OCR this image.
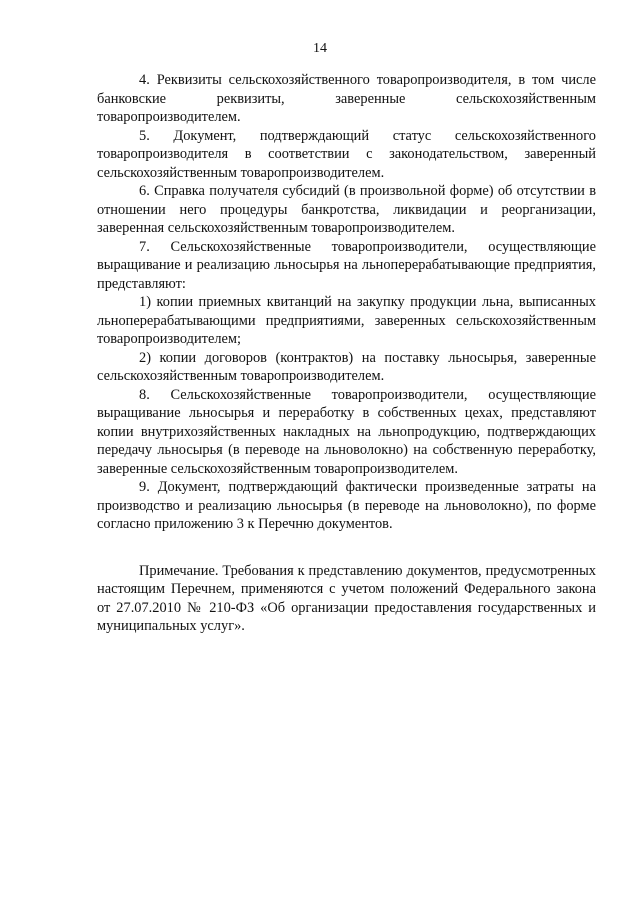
14

4. Реквизиты сельскохозяйственного товаропроизводителя, в том числе банковские реквизиты, заверенные сельскохозяйственным товаропроизводителем.

5. Документ, подтверждающий статус сельскохозяйственного товаропроизводителя в соответствии с законодательством, заверенный сельскохозяйственным товаропроизводителем.

6. Справка получателя субсидий (в произвольной форме) об отсутствии в отношении него процедуры банкротства, ликвидации и реорганизации, заверенная сельскохозяйственным товаропроизводителем.

7. Сельскохозяйственные товаропроизводители, осуществляющие выращивание и реализацию льносырья на льноперерабатывающие предприятия, представляют:

1) копии приемных квитанций на закупку продукции льна, выписанных льноперерабатывающими предприятиями, заверенных сельскохозяйственным товаропроизводителем;

2) копии договоров (контрактов) на поставку льносырья, заверенные сельскохозяйственным товаропроизводителем.

8. Сельскохозяйственные товаропроизводители, осуществляющие выращивание льносырья и переработку в собственных цехах, представляют копии внутрихозяйственных накладных на льнопродукцию, подтверждающих передачу льносырья (в переводе на льноволокно) на собственную переработку, заверенные сельскохозяйственным товаропроизводителем.

9. Документ, подтверждающий фактически произведенные затраты на производство и реализацию льносырья (в переводе на льноволокно), по форме согласно приложению 3 к Перечню документов.

Примечание. Требования к представлению документов, предусмотренных настоящим Перечнем, применяются с учетом положений Федерального закона от 27.07.2010 № 210-ФЗ «Об организации предоставления государственных и муниципальных услуг».
